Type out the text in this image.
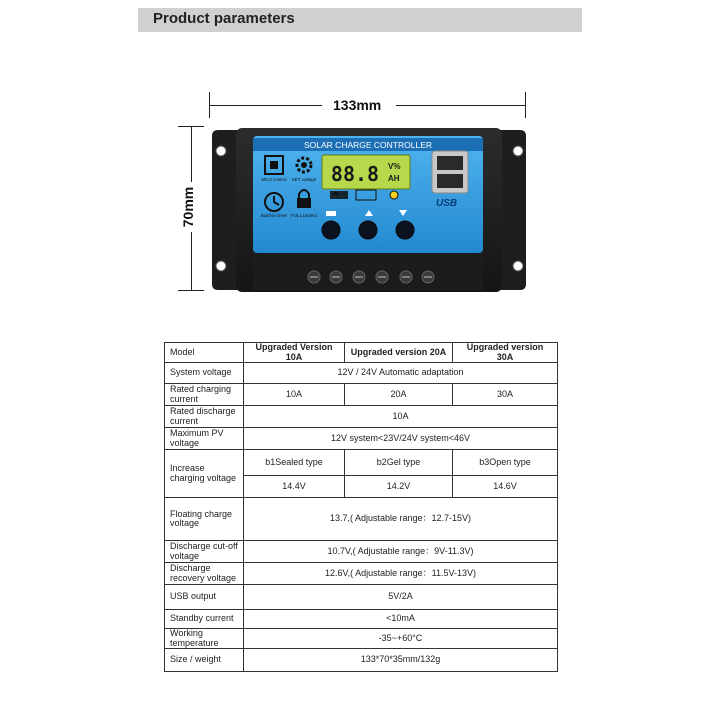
Product parameters
133mm
70mm
SOLAR CHARGE CONTROLLER
88.8 V%
AH
USB
MCU control SET voltage
Build-in timer FULL protect
Model	Upgraded Version 10A	Upgraded version 20A	Upgraded version 30A
System voltage	12V / 24V Automatic adaptation		
Rated charging current	10A	20A	30A
Rated discharge current	10A		
Maximum PV voltage	12V system<23V/24V system<46V		
Increase charging voltage	b1Sealed type	b2Gel type	b3Open type
	14.4V	14.2V	14.6V
Floating charge voltage	13.7,( Adjustable range：12.7-15V)		
Discharge cut-off voltage	10.7V,( Adjustable range：9V-11.3V)		
Discharge recovery voltage	12.6V,( Adjustable range：11.5V-13V)		
USB output	5V/2A		
Standby current	<10mA		
Working temperature	-35~+60°C		
Size / weight	133*70*35mm/132g		
